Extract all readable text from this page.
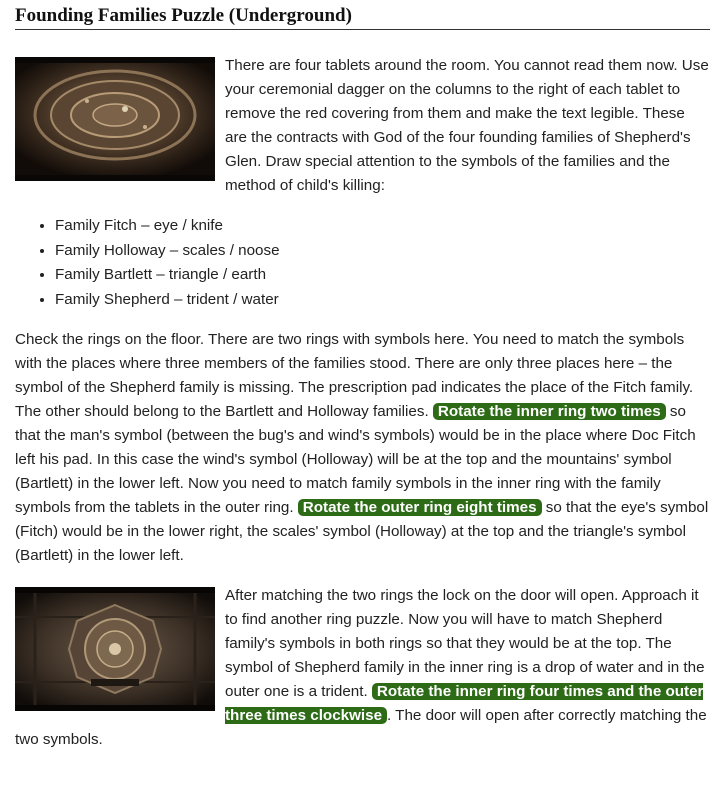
Founding Families Puzzle (Underground)

There are four tablets around the room. You cannot read them now. Use your ceremonial dagger on the columns to the right of each tablet to remove the red covering from them and make the text legible. These are the contracts with God of the four founding families of Shepherd's Glen. Draw special attention to the symbols of the families and the method of child's killing:

• Family Fitch – eye / knife
• Family Holloway – scales / noose
• Family Bartlett – triangle / earth
• Family Shepherd – trident / water

Check the rings on the floor. There are two rings with symbols here. You need to match the symbols with the places where three members of the families stood. There are only three places here – the symbol of the Shepherd family is missing. The prescription pad indicates the place of the Fitch family. The other should belong to the Bartlett and Holloway families. Rotate the inner ring two times so that the man's symbol (between the bug's and wind's symbols) would be in the place where Doc Fitch left his pad. In this case the wind's symbol (Holloway) will be at the top and the mountains' symbol (Bartlett) in the lower left. Now you need to match family symbols in the inner ring with the family symbols from the tablets in the outer ring. Rotate the outer ring eight times so that the eye's symbol (Fitch) would be in the lower right, the scales' symbol (Holloway) at the top and the triangle's symbol (Bartlett) in the lower left.

After matching the two rings the lock on the door will open. Approach it to find another ring puzzle. Now you will have to match Shepherd family's symbols in both rings so that they would be at the top. The symbol of Shepherd family in the inner ring is a drop of water and in the outer one is a trident. Rotate the inner ring four times and the outer three times clockwise . The door will open after correctly matching the two symbols.
